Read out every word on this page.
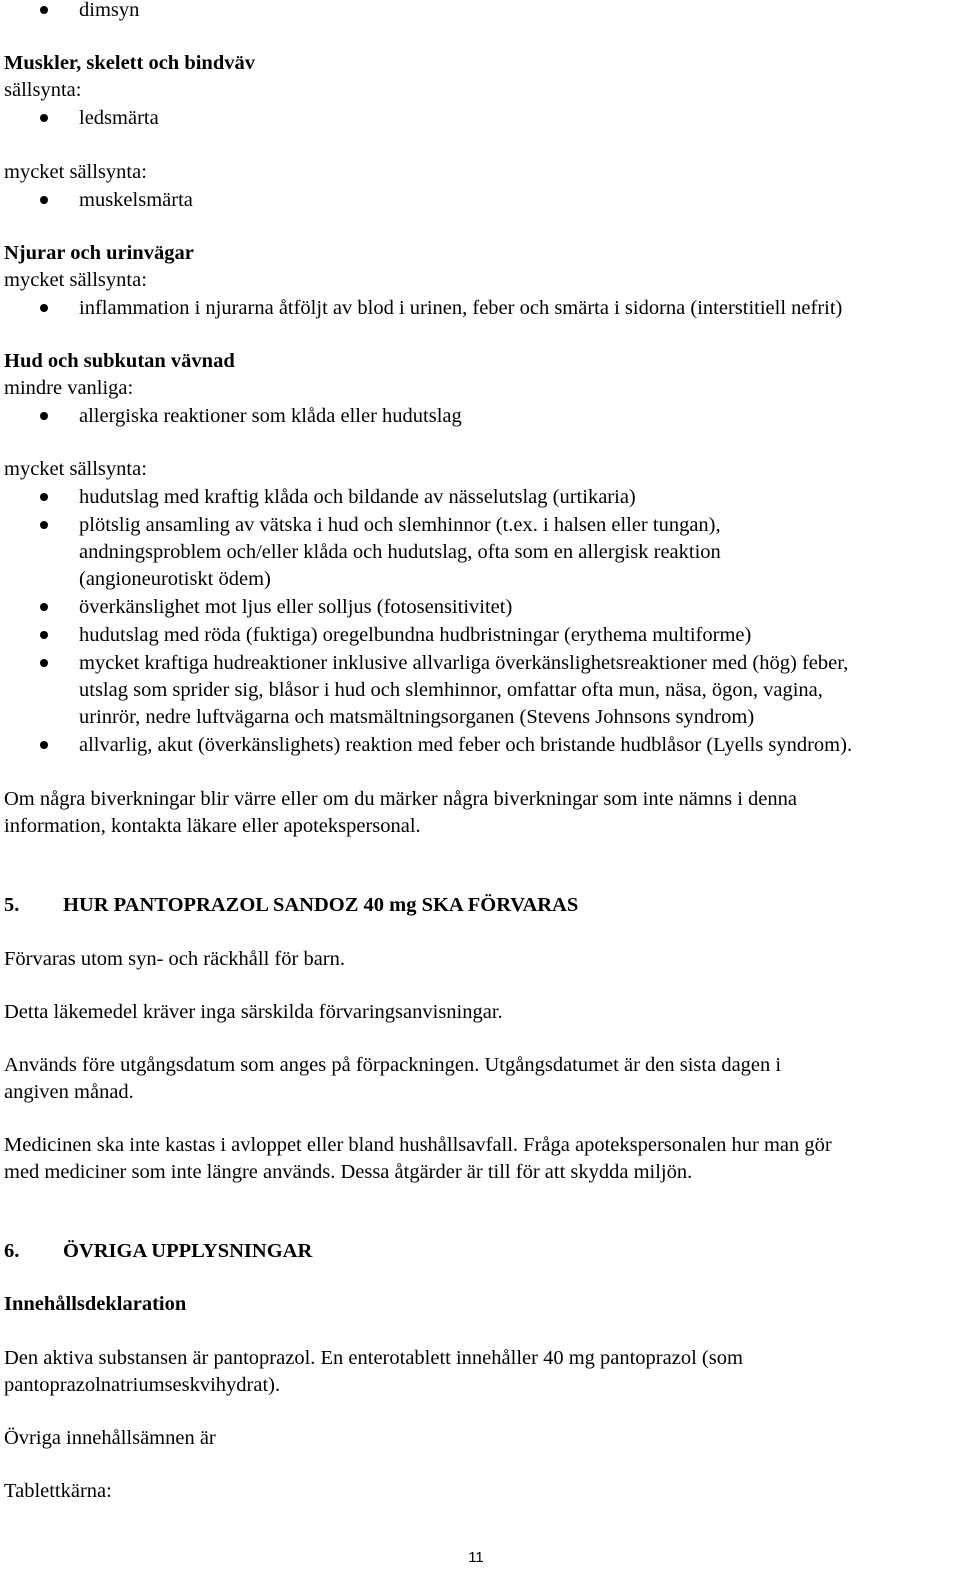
dimsyn
Muskler, skelett och bindväv
sällsynta:
ledsmärta
mycket sällsynta:
muskelsmärta
Njurar och urinvägar
mycket sällsynta:
inflammation i njurarna åtföljt av blod i urinen, feber och smärta i sidorna (interstitiell nefrit)
Hud och subkutan vävnad
mindre vanliga:
allergiska reaktioner som klåda eller hudutslag
mycket sällsynta:
hudutslag med kraftig klåda och bildande av nässelutslag (urtikaria)
plötslig ansamling av vätska i hud och slemhinnor (t.ex. i halsen eller tungan),
andningsproblem och/eller klåda och hudutslag, ofta som en allergisk reaktion
(angioneurotiskt ödem)
överkänslighet mot ljus eller solljus (fotosensitivitet)
hudutslag med röda (fuktiga) oregelbundna hudbristningar (erythema multiforme)
mycket kraftiga hudreaktioner inklusive allvarliga överkänslighetsreaktioner med (hög) feber,
utslag som sprider sig, blåsor i hud och slemhinnor, omfattar ofta mun, näsa, ögon, vagina,
urinrör, nedre luftvägarna och matsmältningsorganen (Stevens Johnsons syndrom)
allvarlig, akut (överkänslighets) reaktion med feber och bristande hudblåsor (Lyells syndrom).
Om några biverkningar blir värre eller om du märker några biverkningar som inte nämns i denna
information, kontakta läkare eller apotekspersonal.
5. HUR PANTOPRAZOL SANDOZ 40 mg SKA FÖRVARAS
Förvaras utom syn- och räckhåll för barn.
Detta läkemedel kräver inga särskilda förvaringsanvisningar.
Används före utgångsdatum som anges på förpackningen. Utgångsdatumet är den sista dagen i
angiven månad.
Medicinen ska inte kastas i avloppet eller bland hushållsavfall. Fråga apotekspersonalen hur man gör
med mediciner som inte längre används. Dessa åtgärder är till för att skydda miljön.
6. ÖVRIGA UPPLYSNINGAR
Innehållsdeklaration
Den aktiva substansen är pantoprazol. En enterotablett innehåller 40 mg pantoprazol (som
pantoprazolnatriumseskvihydrat).
Övriga innehållsämnen är
Tablettkärna:
11
